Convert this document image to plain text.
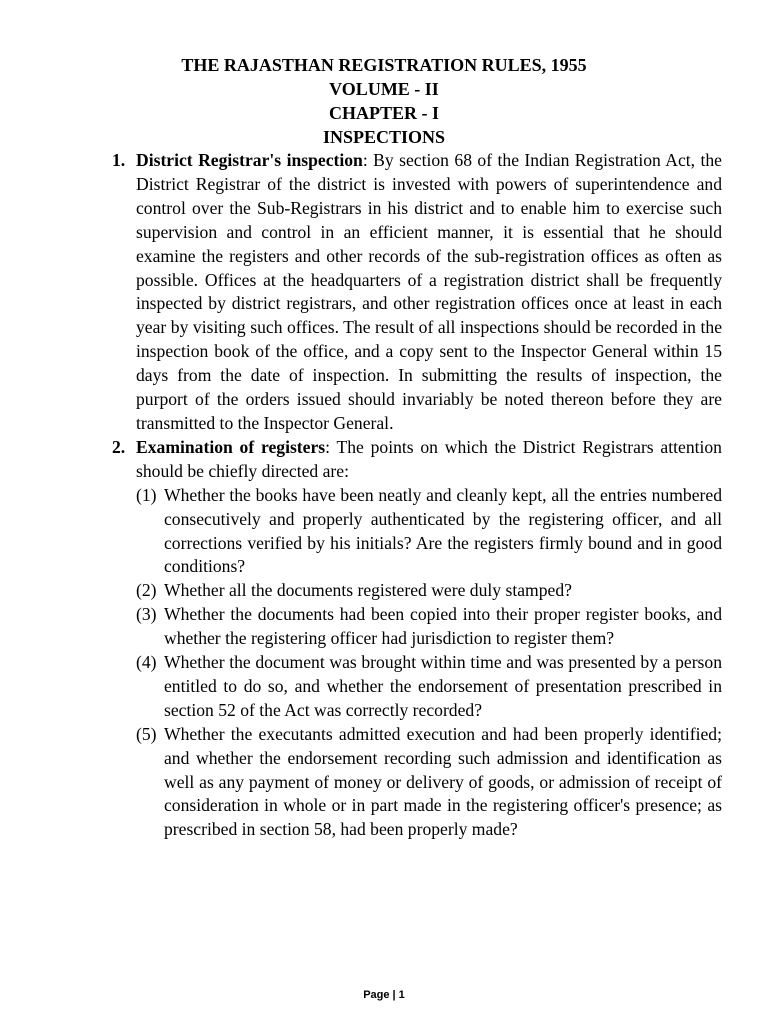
THE RAJASTHAN REGISTRATION RULES, 1955
VOLUME - II
CHAPTER - I
INSPECTIONS
1. District Registrar's inspection: By section 68 of the Indian Registration Act, the District Registrar of the district is invested with powers of superintendence and control over the Sub-Registrars in his district and to enable him to exercise such supervision and control in an efficient manner, it is essential that he should examine the registers and other records of the sub-registration offices as often as possible. Offices at the headquarters of a registration district shall be frequently inspected by district registrars, and other registration offices once at least in each year by visiting such offices. The result of all inspections should be recorded in the inspection book of the office, and a copy sent to the Inspector General within 15 days from the date of inspection. In submitting the results of inspection, the purport of the orders issued should invariably be noted thereon before they are transmitted to the Inspector General.

2. Examination of registers: The points on which the District Registrars attention should be chiefly directed are:

(1) Whether the books have been neatly and cleanly kept, all the entries numbered consecutively and properly authenticated by the registering officer, and all corrections verified by his initials? Are the registers firmly bound and in good conditions?

(2) Whether all the documents registered were duly stamped?

(3) Whether the documents had been copied into their proper register books, and whether the registering officer had jurisdiction to register them?

(4) Whether the document was brought within time and was presented by a person entitled to do so, and whether the endorsement of presentation prescribed in section 52 of the Act was correctly recorded?

(5) Whether the executants admitted execution and had been properly identified; and whether the endorsement recording such admission and identification as well as any payment of money or delivery of goods, or admission of receipt of consideration in whole or in part made in the registering officer's presence; as prescribed in section 58, had been properly made?

Page | 1
